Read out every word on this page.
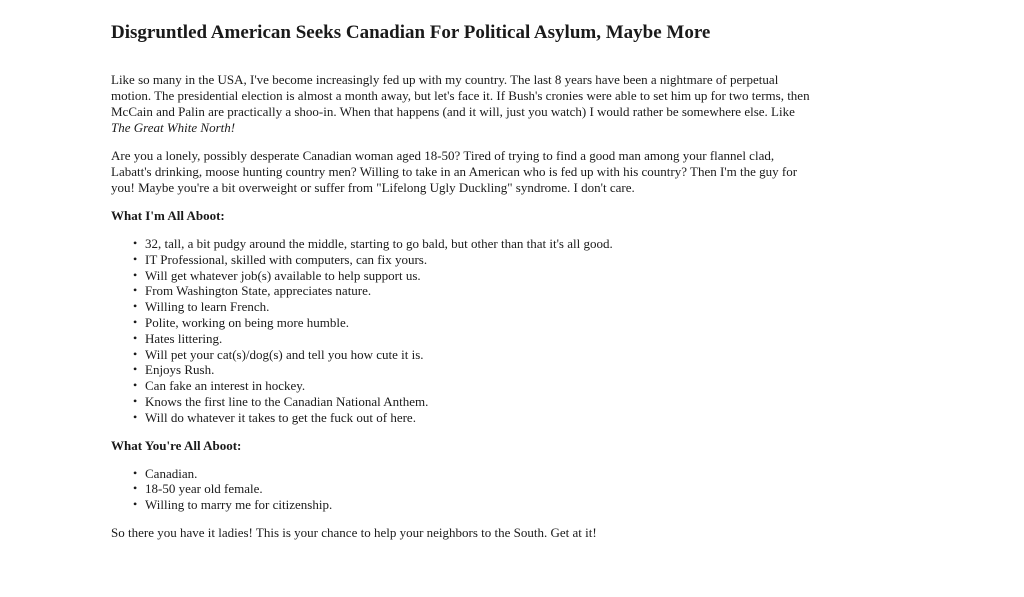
Disgruntled American Seeks Canadian For Political Asylum, Maybe More

Like so many in the USA, I've become increasingly fed up with my country. The last 8 years have been a nightmare of perpetual motion. The presidential election is almost a month away, but let's face it. If Bush's cronies were able to set him up for two terms, then McCain and Palin are practically a shoo-in. When that happens (and it will, just you watch) I would rather be somewhere else. Like The Great White North!

Are you a lonely, possibly desperate Canadian woman aged 18-50? Tired of trying to find a good man among your flannel clad, Labatt's drinking, moose hunting country men? Willing to take in an American who is fed up with his country? Then I'm the guy for you! Maybe you're a bit overweight or suffer from "Lifelong Ugly Duckling" syndrome. I don't care.

What I'm All Aboot:
• 32, tall, a bit pudgy around the middle, starting to go bald, but other than that it's all good.
• IT Professional, skilled with computers, can fix yours.
• Will get whatever job(s) available to help support us.
• From Washington State, appreciates nature.
• Willing to learn French.
• Polite, working on being more humble.
• Hates littering.
• Will pet your cat(s)/dog(s) and tell you how cute it is.
• Enjoys Rush.
• Can fake an interest in hockey.
• Knows the first line to the Canadian National Anthem.
• Will do whatever it takes to get the fuck out of here.
What You're All Aboot:
• Canadian.
• 18-50 year old female.
• Willing to marry me for citizenship.

So there you have it ladies! This is your chance to help your neighbors to the South. Get at it!
